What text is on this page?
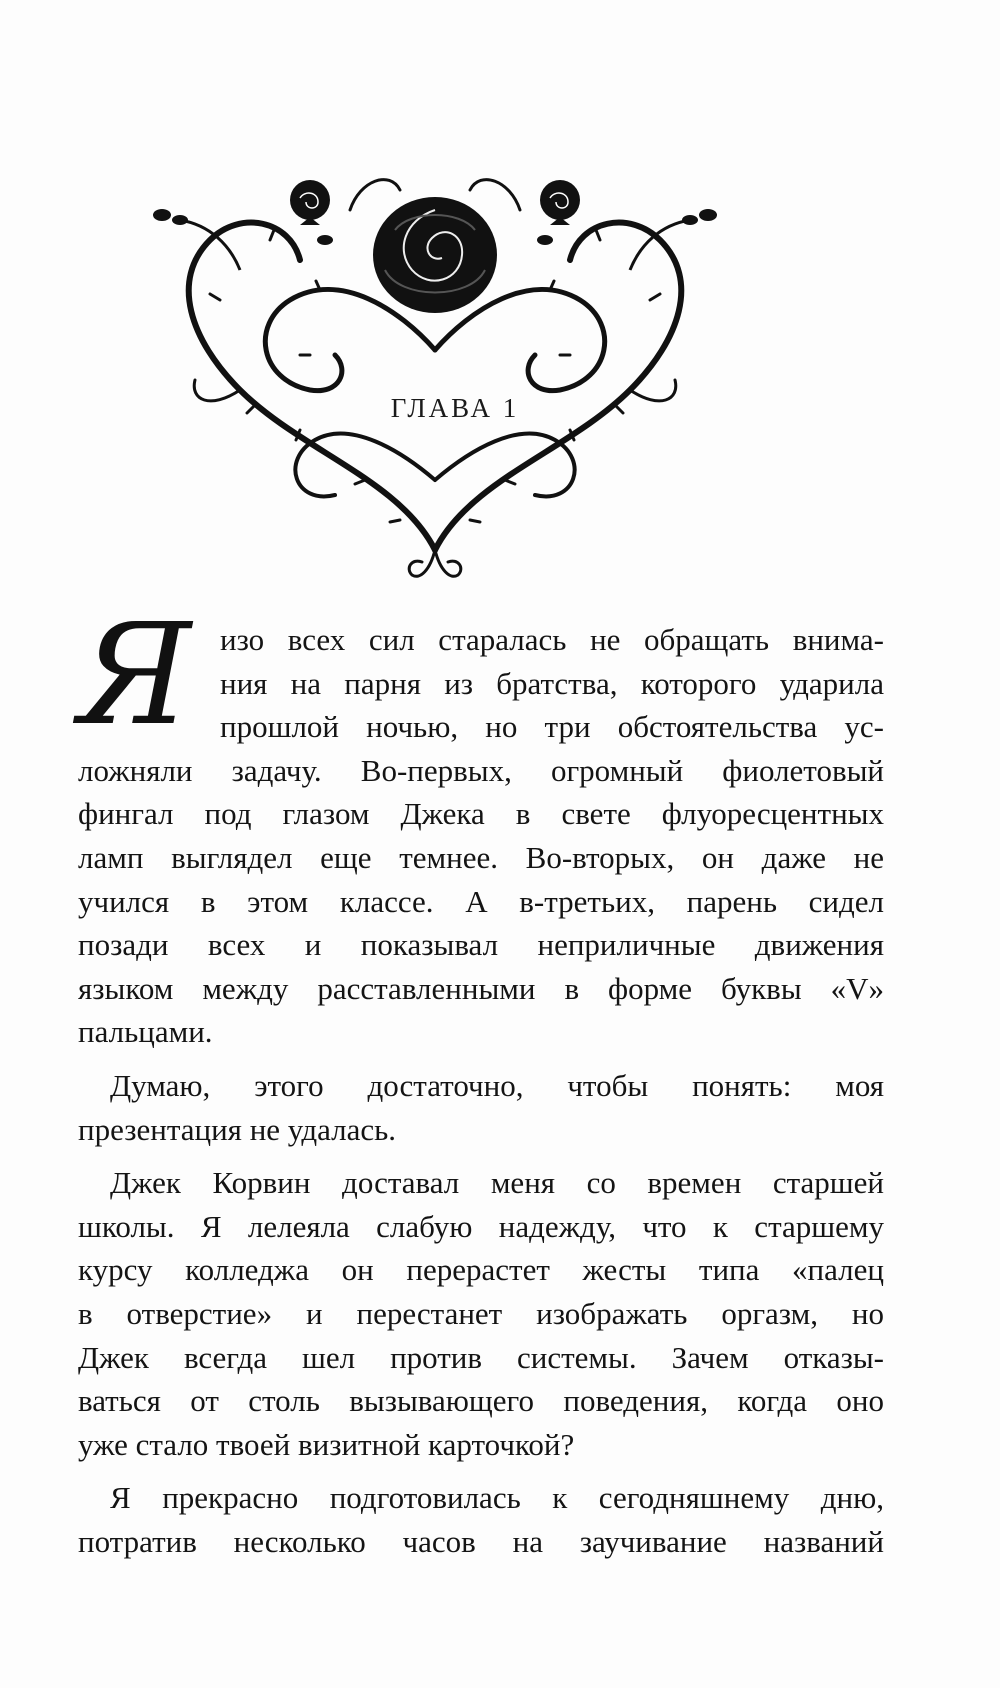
ГЛАВА 1
Я изо всех сил старалась не обращать внима-
ния на парня из братства, которого ударила
прошлой ночью, но три обстоятельства ус-
ложняли задачу. Во-первых, огромный фиолетовый
фингал под глазом Джека в свете флуоресцентных
ламп выглядел еще темнее. Во-вторых, он даже не
учился в этом классе. А в-третьих, парень сидел
позади всех и показывал неприличные движения
языком между расставленными в форме буквы «V»
пальцами.
Думаю, этого достаточно, чтобы понять: моя
презентация не удалась.
Джек Корвин доставал меня со времен старшей
школы. Я лелеяла слабую надежду, что к старшему
курсу колледжа он перерастет жесты типа «палец
в отверстие» и перестанет изображать оргазм, но
Джек всегда шел против системы. Зачем отказы-
ваться от столь вызывающего поведения, когда оно
уже стало твоей визитной карточкой?
Я прекрасно подготовилась к сегодняшнему дню,
потратив несколько часов на заучивание названий
